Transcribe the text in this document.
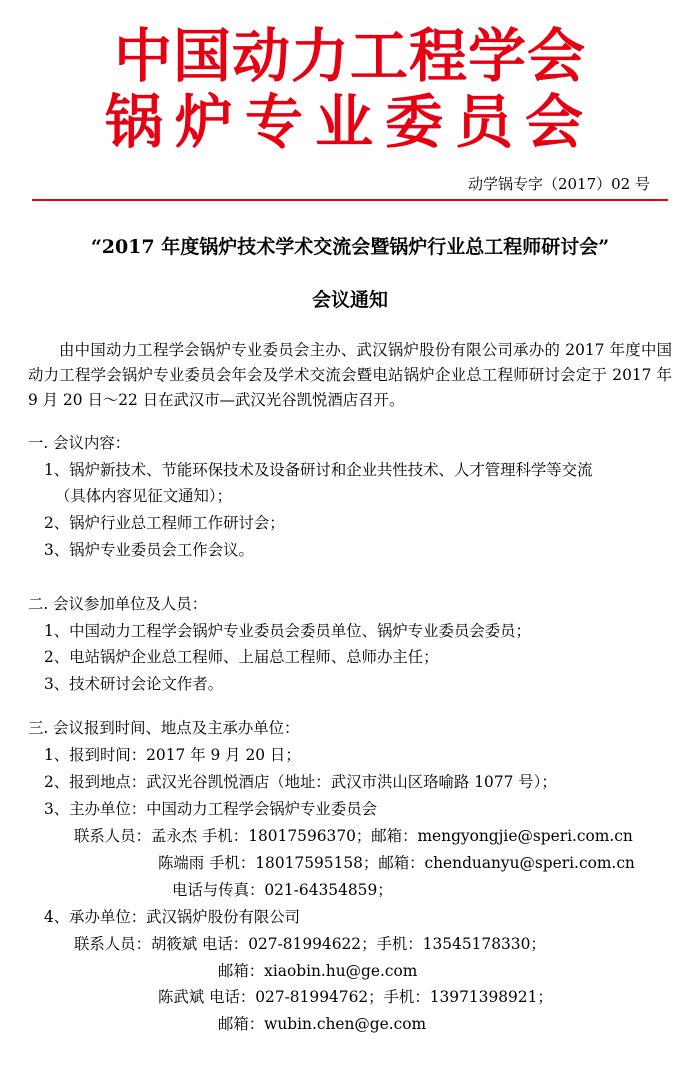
中国动力工程学会
锅炉专业委员会
动学锅专字（2017）02 号
“2017 年度锅炉技术学术交流会暨锅炉行业总工程师研讨会”
会议通知

由中国动力工程学会锅炉专业委员会主办、武汉锅炉股份有限公司承办的 2017 年度中国动力工程学会锅炉专业委员会年会及学术交流会暨电站锅炉企业总工程师研讨会定于 2017 年 9 月 20 日～22 日在武汉市—武汉光谷凯悦酒店召开。

一. 会议内容：

1、锅炉新技术、节能环保技术及设备研讨和企业共性技术、人才管理科学等交流

（具体内容见征文通知）；

2、锅炉行业总工程师工作研讨会；

3、锅炉专业委员会工作会议。

二. 会议参加单位及人员：

1、中国动力工程学会锅炉专业委员会委员单位、锅炉专业委员会委员；

2、电站锅炉企业总工程师、上届总工程师、总师办主任；

3、技术研讨会论文作者。

三. 会议报到时间、地点及主承办单位：

1、报到时间：2017 年 9 月 20 日；

2、报到地点：武汉光谷凯悦酒店（地址：武汉市洪山区珞喻路 1077 号）；

3、主办单位：中国动力工程学会锅炉专业委员会

联系人员：孟永杰 手机：18017596370；邮箱：mengyongjie@speri.com.cn

陈端雨 手机：18017595158；邮箱：chenduanyu@speri.com.cn

电话与传真：021-64354859；

4、承办单位：武汉锅炉股份有限公司

联系人员：胡筱斌 电话：027-81994622；手机：13545178330；

邮箱：xiaobin.hu@ge.com

陈武斌 电话：027-81994762；手机：13971398921；

邮箱：wubin.chen@ge.com
